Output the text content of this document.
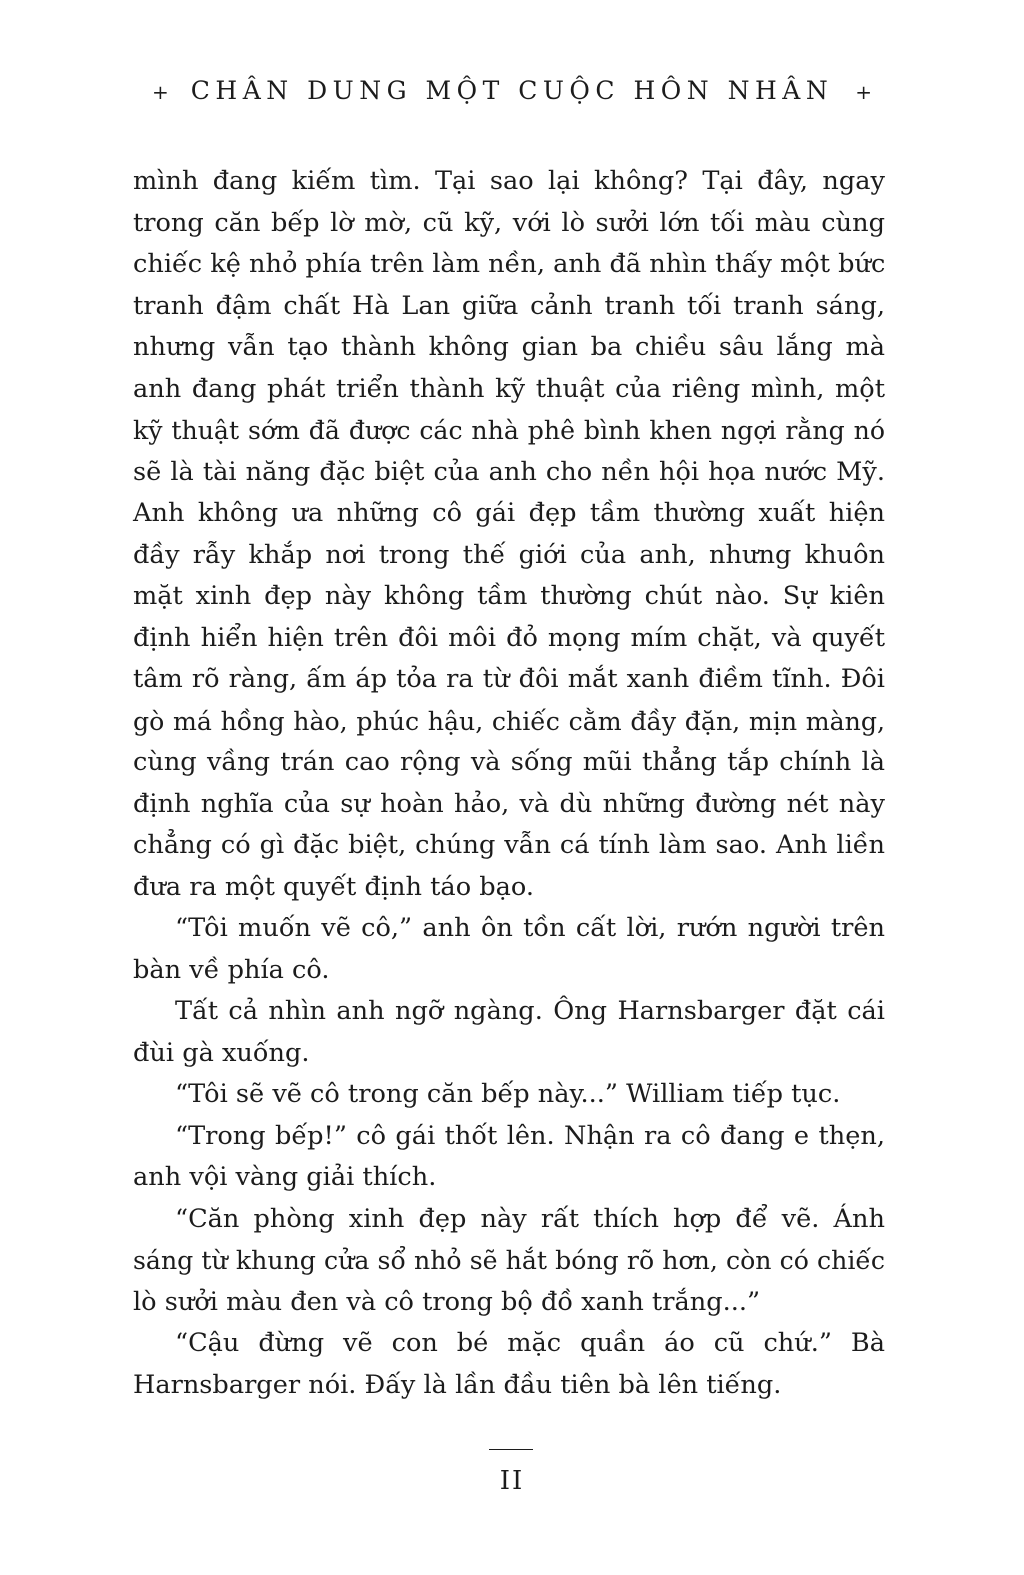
+ CHÂN DUNG MỘT CUỘC HÔN NHÂN +
mình đang kiếm tìm. Tại sao lại không? Tại đây, ngay
trong căn bếp lờ mờ, cũ kỹ, với lò sưởi lớn tối màu cùng
chiếc kệ nhỏ phía trên làm nền, anh đã nhìn thấy một bức
tranh đậm chất Hà Lan giữa cảnh tranh tối tranh sáng,
nhưng vẫn tạo thành không gian ba chiều sâu lắng mà
anh đang phát triển thành kỹ thuật của riêng mình, một
kỹ thuật sớm đã được các nhà phê bình khen ngợi rằng nó
sẽ là tài năng đặc biệt của anh cho nền hội họa nước Mỹ.
Anh không ưa những cô gái đẹp tầm thường xuất hiện
đầy rẫy khắp nơi trong thế giới của anh, nhưng khuôn
mặt xinh đẹp này không tầm thường chút nào. Sự kiên
định hiển hiện trên đôi môi đỏ mọng mím chặt, và quyết
tâm rõ ràng, ấm áp tỏa ra từ đôi mắt xanh điềm tĩnh. Đôi
gò má hồng hào, phúc hậu, chiếc cằm đầy đặn, mịn màng,
cùng vầng trán cao rộng và sống mũi thẳng tắp chính là
định nghĩa của sự hoàn hảo, và dù những đường nét này
chẳng có gì đặc biệt, chúng vẫn cá tính làm sao. Anh liền
đưa ra một quyết định táo bạo.
“Tôi muốn vẽ cô,” anh ôn tồn cất lời, rướn người trên
bàn về phía cô.
Tất cả nhìn anh ngỡ ngàng. Ông Harnsbarger đặt cái
đùi gà xuống.
“Tôi sẽ vẽ cô trong căn bếp này...” William tiếp tục.
“Trong bếp!” cô gái thốt lên. Nhận ra cô đang e thẹn,
anh vội vàng giải thích.
“Căn phòng xinh đẹp này rất thích hợp để vẽ. Ánh
sáng từ khung cửa sổ nhỏ sẽ hắt bóng rõ hơn, còn có chiếc
lò sưởi màu đen và cô trong bộ đồ xanh trắng...”
“Cậu đừng vẽ con bé mặc quần áo cũ chứ.” Bà
Harnsbarger nói. Đấy là lần đầu tiên bà lên tiếng.
II
